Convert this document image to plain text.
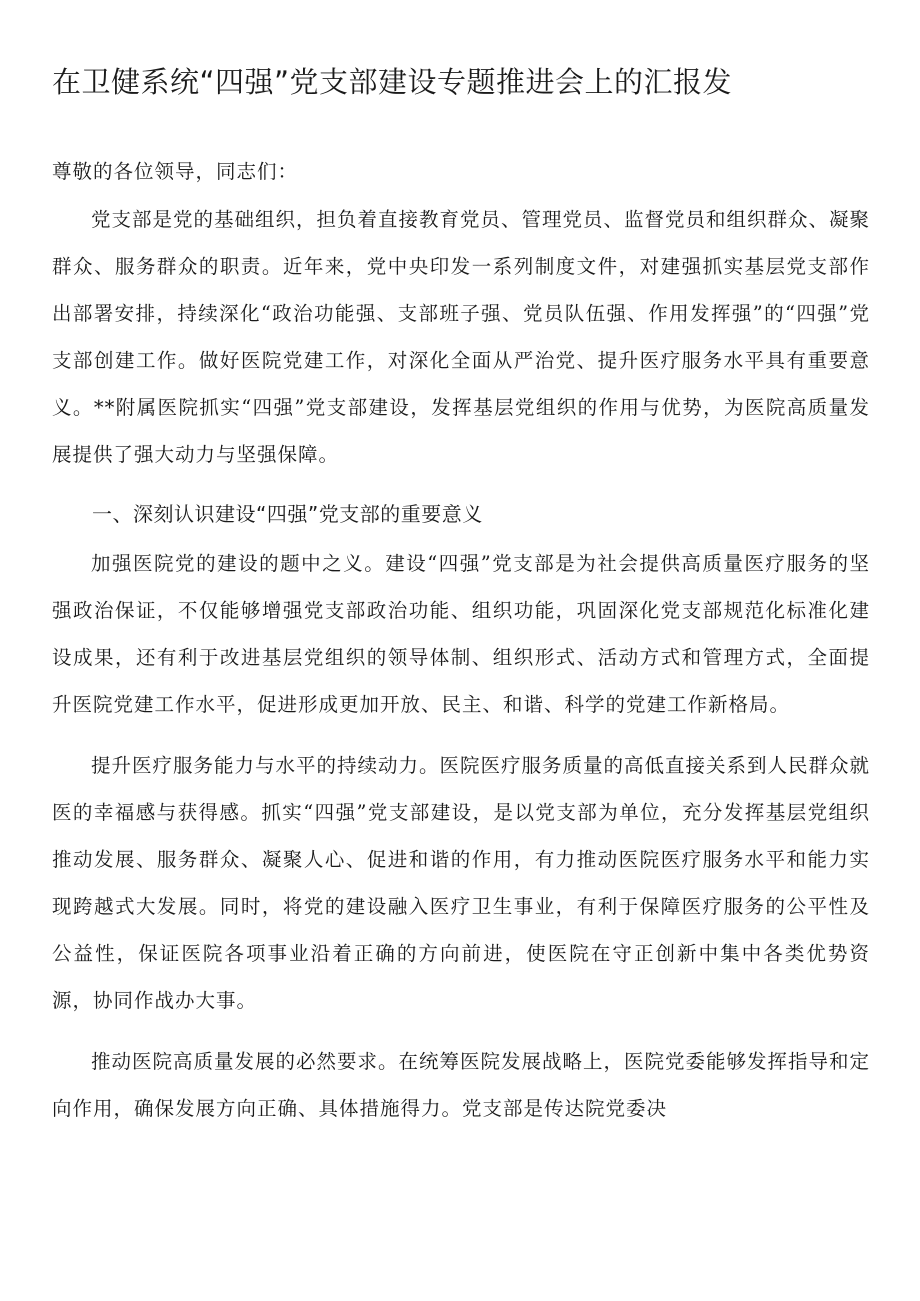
在卫健系统“四强”党支部建设专题推进会上的汇报发

尊敬的各位领导，同志们：

党支部是党的基础组织，担负着直接教育党员、管理党员、监督党员和组织群众、凝聚群众、服务群众的职责。近年来，党中央印发一系列制度文件，对建强抓实基层党支部作出部署安排，持续深化“政治功能强、支部班子强、党员队伍强、作用发挥强”的“四强”党支部创建工作。做好医院党建工作，对深化全面从严治党、提升医疗服务水平具有重要意义。**附属医院抓实“四强”党支部建设，发挥基层党组织的作用与优势，为医院高质量发展提供了强大动力与坚强保障。

一、深刻认识建设“四强”党支部的重要意义

加强医院党的建设的题中之义。建设“四强”党支部是为社会提供高质量医疗服务的坚强政治保证，不仅能够增强党支部政治功能、组织功能，巩固深化党支部规范化标准化建设成果，还有利于改进基层党组织的领导体制、组织形式、活动方式和管理方式，全面提升医院党建工作水平，促进形成更加开放、民主、和谐、科学的党建工作新格局。

提升医疗服务能力与水平的持续动力。医院医疗服务质量的高低直接关系到人民群众就医的幸福感与获得感。抓实“四强”党支部建设，是以党支部为单位，充分发挥基层党组织推动发展、服务群众、凝聚人心、促进和谐的作用，有力推动医院医疗服务水平和能力实现跨越式大发展。同时，将党的建设融入医疗卫生事业，有利于保障医疗服务的公平性及公益性，保证医院各项事业沿着正确的方向前进，使医院在守正创新中集中各类优势资源，协同作战办大事。

推动医院高质量发展的必然要求。在统筹医院发展战略上，医院党委能够发挥指导和定向作用，确保发展方向正确、具体措施得力。党支部是传达院党委决
